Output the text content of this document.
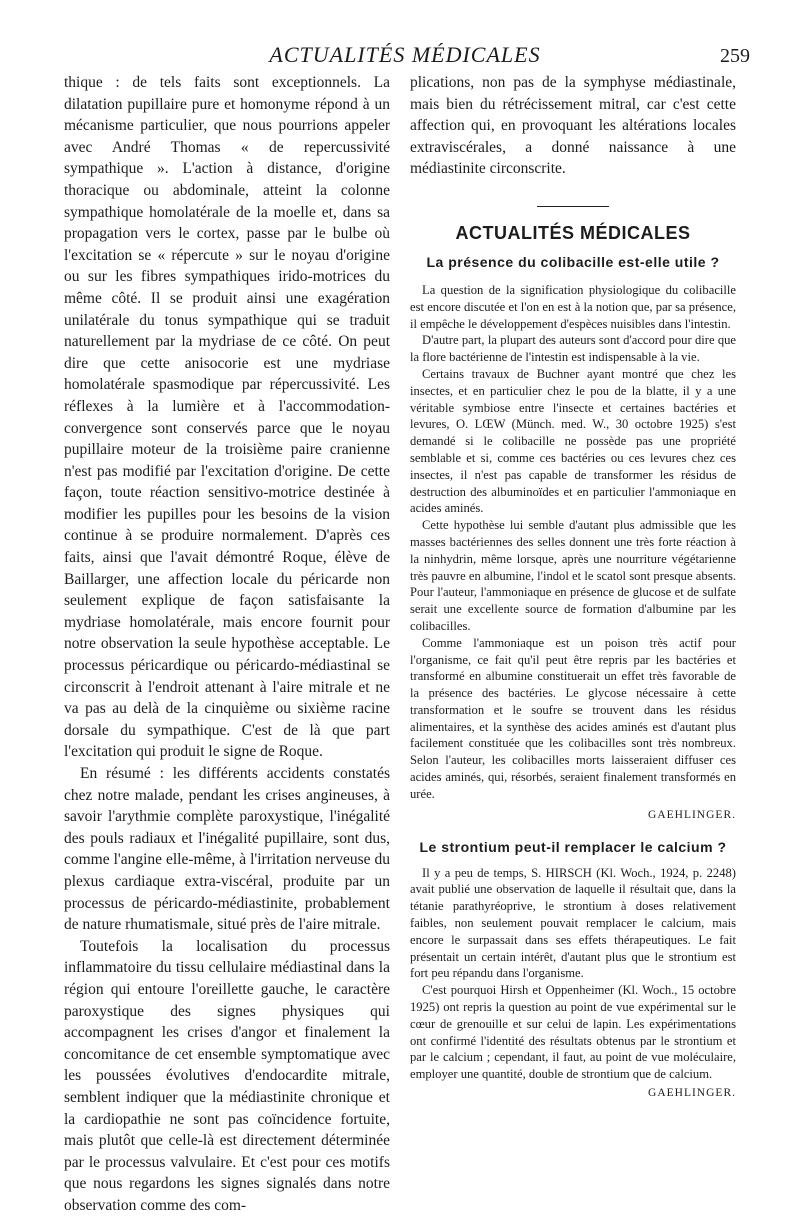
ACTUALITÉS MÉDICALES	259

thique : de tels faits sont exceptionnels. La dilatation pupillaire pure et homonyme répond à un mécanisme particulier, que nous pourrions appeler avec André Thomas « de repercussivité sympathique ». L'action à distance, d'origine thoracique ou abdominale, atteint la colonne sympathique homolatérale de la moelle et, dans sa propagation vers le cortex, passe par le bulbe où l'excitation se « répercute » sur le noyau d'origine ou sur les fibres sympathiques irido-motrices du même côté. Il se produit ainsi une exagération unilatérale du tonus sympathique qui se traduit naturellement par la mydriase de ce côté. On peut dire que cette anisocorie est une mydriase homolatérale spasmodique par répercussivité. Les réflexes à la lumière et à l'accommodation-convergence sont conservés parce que le noyau pupillaire moteur de la troisième paire cranienne n'est pas modifié par l'excitation d'origine. De cette façon, toute réaction sensitivo-motrice destinée à modifier les pupilles pour les besoins de la vision continue à se produire normalement. D'après ces faits, ainsi que l'avait démontré Roque, élève de Baillarger, une affection locale du péricarde non seulement explique de façon satisfaisante la mydriase homolatérale, mais encore fournit pour notre observation la seule hypothèse acceptable. Le processus péricardique ou péricardo-médiastinal se circonscrit à l'endroit attenant à l'aire mitrale et ne va pas au delà de la cinquième ou sixième racine dorsale du sympathique. C'est de là que part l'excitation qui produit le signe de Roque.

En résumé : les différents accidents constatés chez notre malade, pendant les crises angineuses, à savoir l'arythmie complète paroxystique, l'inégalité des pouls radiaux et l'inégalité pupillaire, sont dus, comme l'angine elle-même, à l'irritation nerveuse du plexus cardiaque extra-viscéral, produite par un processus de péricardo-médiastinite, probablement de nature rhumatismale, situé près de l'aire mitrale.

Toutefois la localisation du processus inflammatoire du tissu cellulaire médiastinal dans la région qui entoure l'oreillette gauche, le caractère paroxystique des signes physiques qui accompagnent les crises d'angor et finalement la concomitance de cet ensemble symptomatique avec les poussées évolutives d'endocardite mitrale, semblent indiquer que la médiastinite chronique et la cardiopathie ne sont pas coïncidence fortuite, mais plutôt que celle-là est directement déterminée par le processus valvulaire. Et c'est pour ces motifs que nous regardons les signes signalés dans notre observation comme des com-

plications, non pas de la symphyse médiastinale, mais bien du rétrécissement mitral, car c'est cette affection qui, en provoquant les altérations locales extraviscérales, a donné naissance à une médiastinite circonscrite.

ACTUALITÉS MÉDICALES
La présence du colibacille est-elle utile ?

La question de la signification physiologique du colibacille est encore discutée et l'on en est à la notion que, par sa présence, il empêche le développement d'espèces nuisibles dans l'intestin.

D'autre part, la plupart des auteurs sont d'accord pour dire que la flore bactérienne de l'intestin est indispensable à la vie.

Certains travaux de Buchner ayant montré que chez les insectes, et en particulier chez le pou de la blatte, il y a une véritable symbiose entre l'insecte et certaines bactéries et levures, O. LŒW (Münch. med. W., 30 octobre 1925) s'est demandé si le colibacille ne possède pas une propriété semblable et si, comme ces bactéries ou ces levures chez ces insectes, il n'est pas capable de transformer les résidus de destruction des albuminoïdes et en particulier l'ammoniaque en acides aminés.

Cette hypothèse lui semble d'autant plus admissible que les masses bactériennes des selles donnent une très forte réaction à la ninhydrin, même lorsque, après une nourriture végétarienne très pauvre en albumine, l'indol et le scatol sont presque absents. Pour l'auteur, l'ammoniaque en présence de glucose et de sulfate serait une excellente source de formation d'albumine par les colibacilles.

Comme l'ammoniaque est un poison très actif pour l'organisme, ce fait qu'il peut être repris par les bactéries et transformé en albumine constituerait un effet très favorable de la présence des bactéries. Le glycose nécessaire à cette transformation et le soufre se trouvent dans les résidus alimentaires, et la synthèse des acides aminés est d'autant plus facilement constituée que les colibacilles sont très nombreux. Selon l'auteur, les colibacilles morts laisseraient diffuser ces acides aminés, qui, résorbés, seraient finalement transformés en urée.

GAEHLINGER.
Le strontium peut-il remplacer le calcium ?

Il y a peu de temps, S. HIRSCH (Kl. Woch., 1924, p. 2248) avait publié une observation de laquelle il résultait que, dans la tétanie parathyréoprive, le strontium à doses relativement faibles, non seulement pouvait remplacer le calcium, mais encore le surpassait dans ses effets thérapeutiques. Le fait présentait un certain intérêt, d'autant plus que le strontium est fort peu répandu dans l'organisme.

C'est pourquoi Hirsh et Oppenheimer (Kl. Woch., 15 octobre 1925) ont repris la question au point de vue expérimental sur le cœur de grenouille et sur celui de lapin. Les expérimentations ont confirmé l'identité des résultats obtenus par le strontium et par le calcium ; cependant, il faut, au point de vue moléculaire, employer une quantité, double de strontium que de calcium.

GAEHLINGER.
